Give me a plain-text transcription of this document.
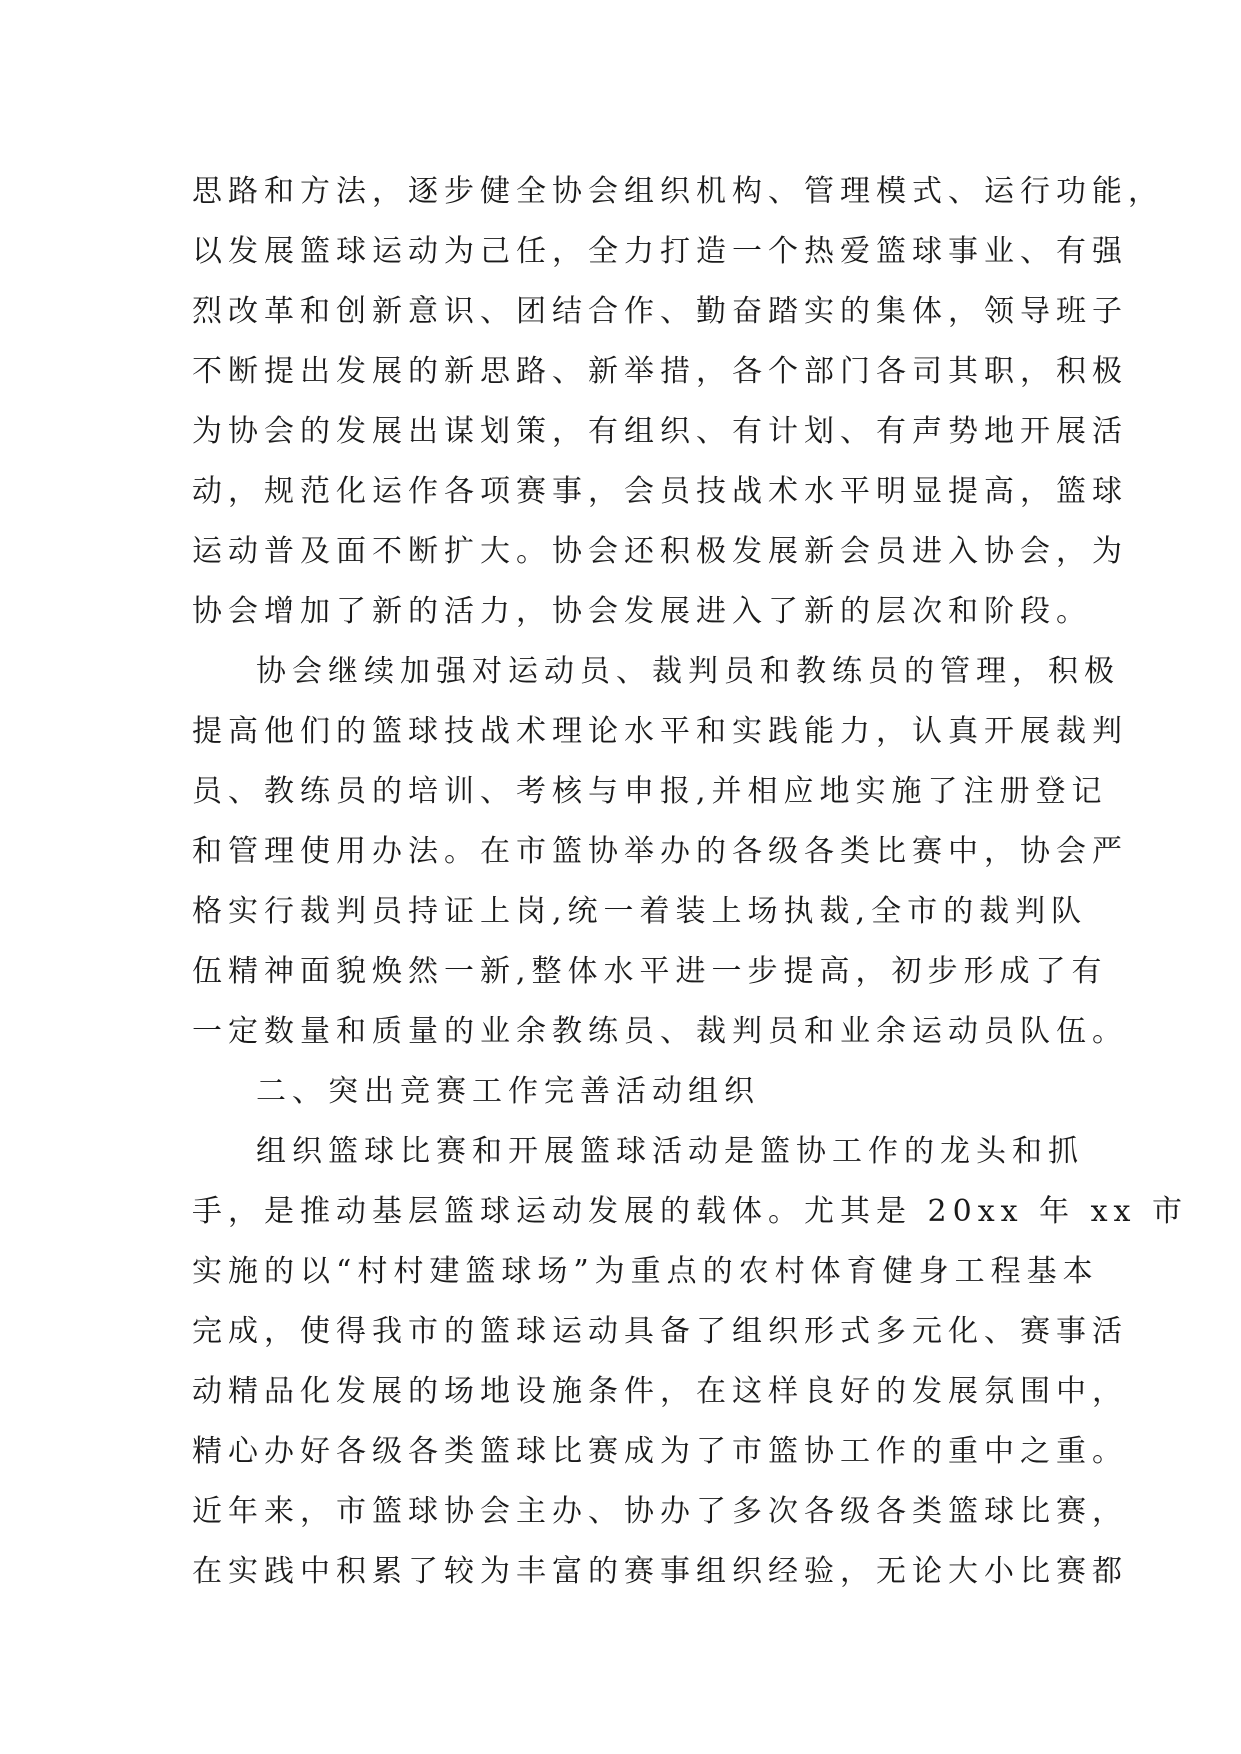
思路和方法，逐步健全协会组织机构、管理模式、运行功能，
以发展篮球运动为己任，全力打造一个热爱篮球事业、有强
烈改革和创新意识、团结合作、勤奋踏实的集体，领导班子
不断提出发展的新思路、新举措，各个部门各司其职，积极
为协会的发展出谋划策，有组织、有计划、有声势地开展活
动，规范化运作各项赛事，会员技战术水平明显提高，篮球
运动普及面不断扩大。协会还积极发展新会员进入协会，为
协会增加了新的活力，协会发展进入了新的层次和阶段。
协会继续加强对运动员、裁判员和教练员的管理，积极
提高他们的篮球技战术理论水平和实践能力，认真开展裁判
员、教练员的培训、考核与申报,并相应地实施了注册登记
和管理使用办法。在市篮协举办的各级各类比赛中，协会严
格实行裁判员持证上岗,统一着装上场执裁,全市的裁判队
伍精神面貌焕然一新,整体水平进一步提高，初步形成了有
一定数量和质量的业余教练员、裁判员和业余运动员队伍。
二、突出竞赛工作完善活动组织
组织篮球比赛和开展篮球活动是篮协工作的龙头和抓
手，是推动基层篮球运动发展的载体。尤其是 20xx 年 xx 市
实施的以“村村建篮球场”为重点的农村体育健身工程基本
完成，使得我市的篮球运动具备了组织形式多元化、赛事活
动精品化发展的场地设施条件，在这样良好的发展氛围中，
精心办好各级各类篮球比赛成为了市篮协工作的重中之重。
近年来，市篮球协会主办、协办了多次各级各类篮球比赛，
在实践中积累了较为丰富的赛事组织经验，无论大小比赛都
